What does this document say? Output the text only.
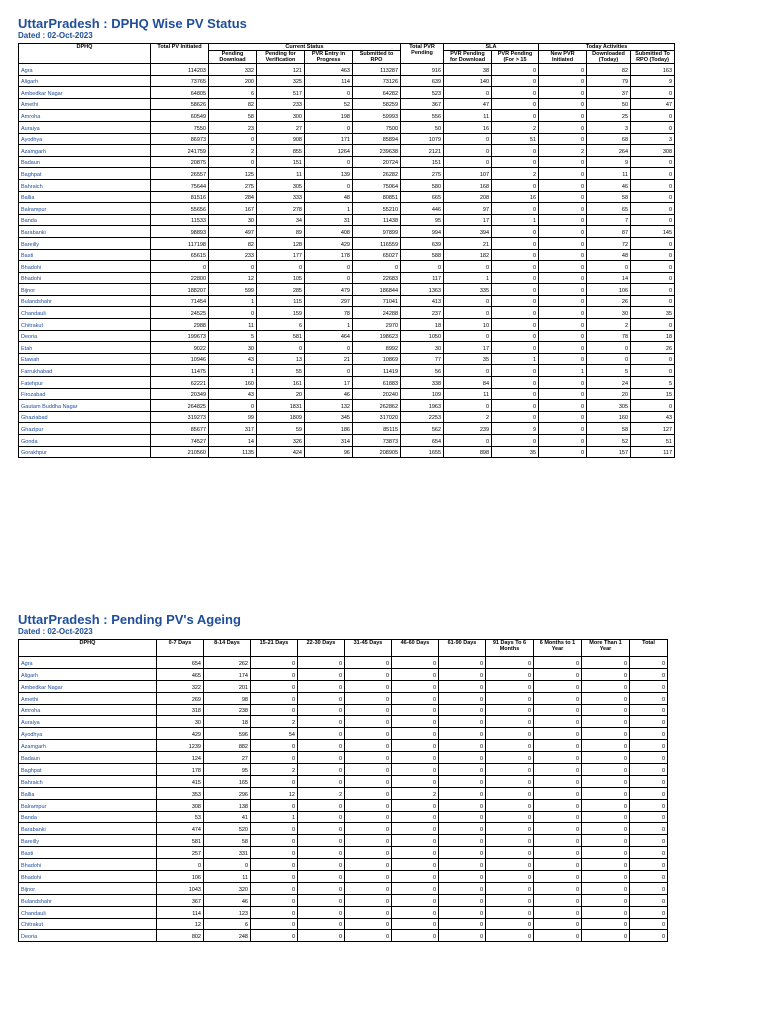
UttarPradesh : DPHQ Wise PV Status
Dated : 02-Oct-2023
DPHQ	Total PV Initiated	Current Status				Total PVR Pending	SLA		Today Activities		
		Pending Download	Pending for Verification	PVR Entry in Progress	Submitted to RPO		PVR Pending for Download	PVR Pending (For > 15	New PVR Initiated	Downloaded (Today)	Submitted To RPO (Today)
Agra	114203	332	121	463	113287	916	38	0	0	82	163
Aligarh	73765	200	325	114	73126	639	140	0	0	79	9
Ambedkar Nagar	64805	6	517	0	64282	523	0	0	0	37	0
Amethi	58626	82	233	52	58259	367	47	0	0	50	47
Amroha	60549	58	300	198	59993	556	11	0	0	25	0
Auraiya	7550	23	27	0	7500	50	16	2	0	3	0
Ayodhya	86973	0	908	171	85894	1079	0	51	0	68	3
Azamgarh	241759	2	855	1264	239638	2121	0	0	2	264	308
Badaun	20875	0	151	0	20724	151	0	0	0	9	0
Baghpat	26557	125	11	139	26282	275	107	2	0	11	0
Bahraich	75644	275	305	0	75064	580	168	0	0	46	0
Ballia	81516	284	333	48	80851	665	208	16	0	58	0
Balrampur	55656	167	278	1	55210	446	97	0	0	65	0
Banda	11533	30	34	31	11438	95	17	1	0	7	0
Barabanki	98893	497	89	408	97899	994	394	0	0	87	145
Bareilly	117198	82	128	429	116559	639	21	0	0	72	0
Basti	65615	233	177	178	65027	588	182	0	0	48	0
Bhadohi	0	0	0	0	0	0	0	0	0	0	0
Bhadohi	22800	12	105	0	22683	117	1	0	0	14	0
Bijnor	188207	599	285	479	186844	1363	335	0	0	106	0
Bulandshahr	71454	1	115	297	71041	413	0	0	0	26	0
Chandauli	24525	0	159	78	24288	237	0	0	0	30	35
Chitrakut	2988	11	6	1	2970	18	10	0	0	2	0
Deoria	199673	5	581	464	198623	1050	0	0	0	78	18
Etah	9022	30	0	0	8992	30	17	0	0	0	26
Etawah	10946	43	13	21	10869	77	35	1	0	0	0
Farrukhabad	11475	1	55	0	11419	56	0	0	1	5	0
Fatehpur	62221	160	161	17	61883	338	84	0	0	24	5
Firozabad	20349	43	20	46	20240	109	11	0	0	20	15
Gautam Buddha Nagar	264825	0	1831	132	262862	1963	0	0	0	305	0
Ghaziabad	319273	99	1809	345	317020	2253	2	0	0	160	43
Ghazipur	85677	317	59	186	85115	562	239	9	0	58	127
Gonda	74527	14	326	314	73873	654	0	0	0	52	51
Gorakhpur	210560	1135	424	96	208905	1655	898	35	0	157	117
UttarPradesh : Pending PV's Ageing
Dated : 02-Oct-2023
DPHQ	0-7 Days	8-14 Days	15-21 Days	22-30 Days	31-45 Days	46-60 Days	61-90 Days	91 Days To 6 Months	6 Months to 1 Year	More Than 1 Year	Total
Agra	654	262	0	0	0	0	0	0	0	0	0
Aligarh	465	174	0	0	0	0	0	0	0	0	0
Ambedkar Nagar	322	201	0	0	0	0	0	0	0	0	0
Amethi	269	98	0	0	0	0	0	0	0	0	0
Amroha	318	238	0	0	0	0	0	0	0	0	0
Auraiya	30	18	2	0	0	0	0	0	0	0	0
Ayodhya	429	596	54	0	0	0	0	0	0	0	0
Azamgarh	1239	882	0	0	0	0	0	0	0	0	0
Badaun	124	27	0	0	0	0	0	0	0	0	0
Baghpat	178	95	2	0	0	0	0	0	0	0	0
Bahraich	415	165	0	0	0	0	0	0	0	0	0
Ballia	353	296	12	2	0	2	0	0	0	0	0
Balrampur	308	138	0	0	0	0	0	0	0	0	0
Banda	53	41	1	0	0	0	0	0	0	0	0
Barabanki	474	520	0	0	0	0	0	0	0	0	0
Bareilly	581	58	0	0	0	0	0	0	0	0	0
Basti	257	331	0	0	0	0	0	0	0	0	0
Bhadohi	0	0	0	0	0	0	0	0	0	0	0
Bhadohi	106	11	0	0	0	0	0	0	0	0	0
Bijnor	1043	320	0	0	0	0	0	0	0	0	0
Bulandshahr	367	46	0	0	0	0	0	0	0	0	0
Chandauli	114	123	0	0	0	0	0	0	0	0	0
Chitrakut	12	6	0	0	0	0	0	0	0	0	0
Deoria	802	248	0	0	0	0	0	0	0	0	0
